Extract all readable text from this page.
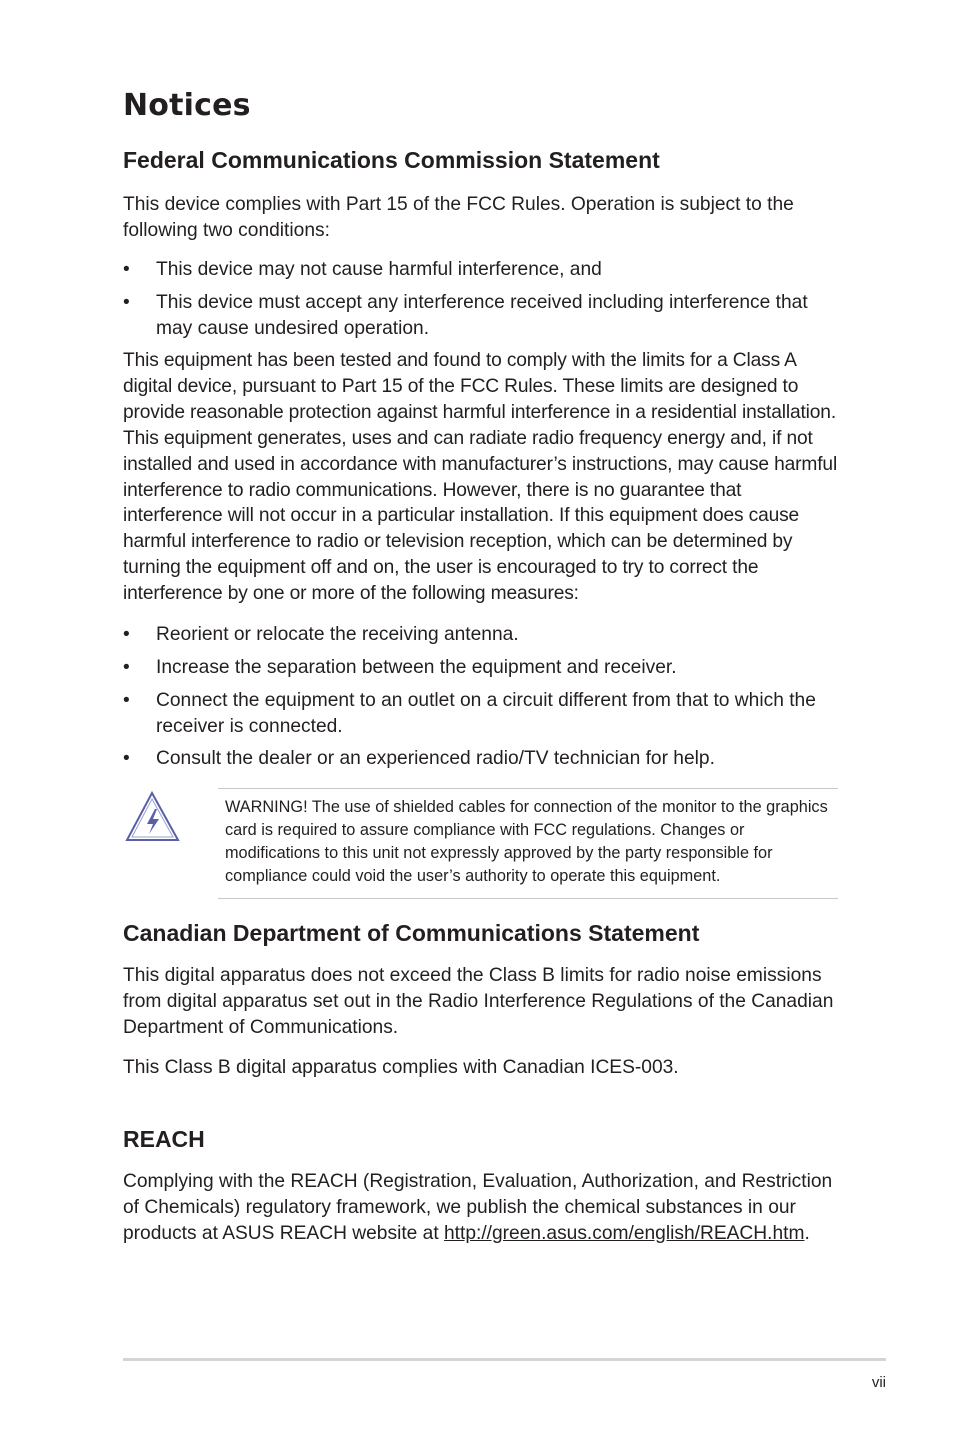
Notices
Federal Communications Commission Statement

This device complies with Part 15 of the FCC Rules. Operation is subject to the following two conditions:

•	This device may not cause harmful interference, and
•	This device must accept any interference received including interference that may cause undesired operation.

This equipment has been tested and found to comply with the limits for a Class A digital device, pursuant to Part 15 of the FCC Rules. These limits are designed to provide reasonable protection against harmful interference in a residential installation. This equipment generates, uses and can radiate radio frequency energy and, if not installed and used in accordance with manufacturer’s instructions, may cause harmful interference to radio communications. However, there is no guarantee that interference will not occur in a particular installation. If this equipment does cause harmful interference to radio or television reception, which can be determined by turning the equipment off and on, the user is encouraged to try to correct the interference by one or more of the following measures:

•	Reorient or relocate the receiving antenna.
•	Increase the separation between the equipment and receiver.
•	Connect the equipment to an outlet on a circuit different from that to which the receiver is connected.
•	Consult the dealer or an experienced radio/TV technician for help.
WARNING! The use of shielded cables for connection of the monitor to the graphics card is required to assure compliance with FCC regulations. Changes or modifications to this unit not expressly approved by the party responsible for compliance could void the user’s authority to operate this equipment.
Canadian Department of Communications Statement

This digital apparatus does not exceed the Class B limits for radio noise emissions from digital apparatus set out in the Radio Interference Regulations of the Canadian Department of Communications.

This Class B digital apparatus complies with Canadian ICES-003.

REACH

Complying with the REACH (Registration, Evaluation, Authorization, and Restriction of Chemicals) regulatory framework, we publish the chemical substances in our products at ASUS REACH website at http://green.asus.com/english/REACH.htm.

vii
